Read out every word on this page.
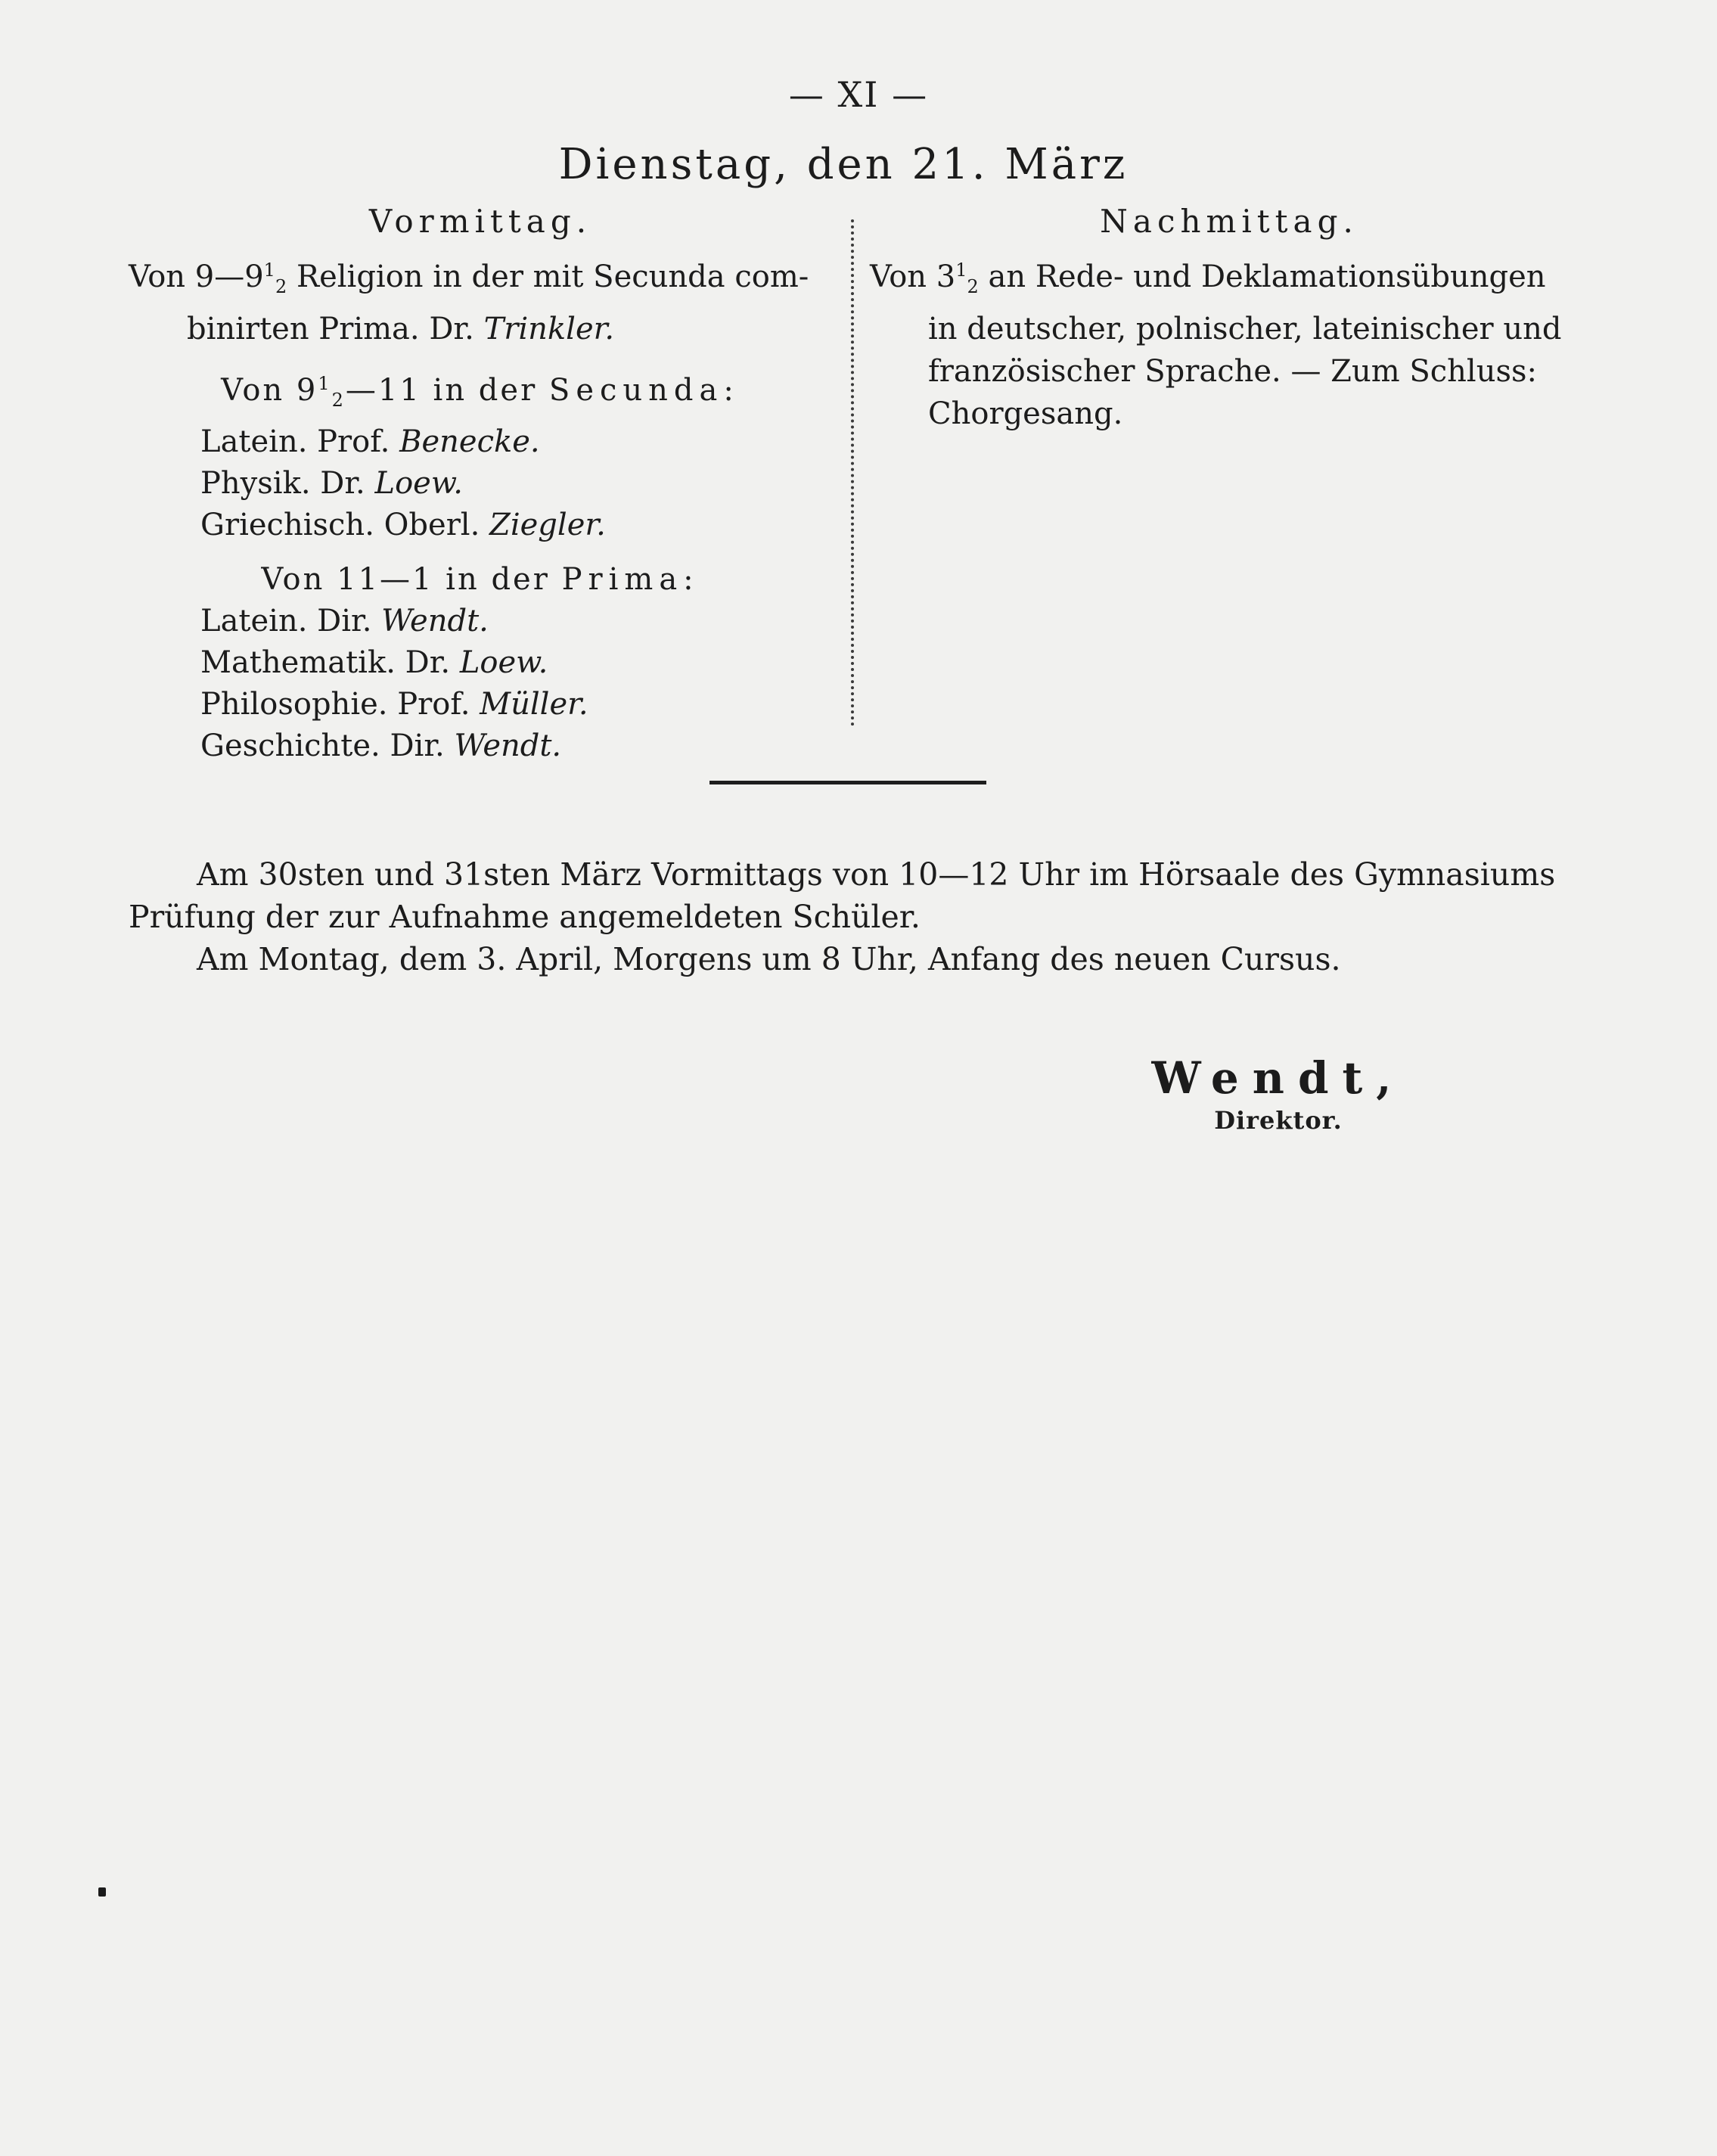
— XI —
Dienstag, den 21. März
Vormittag.
Von $9—9^1_2$ Religion in der mit Secunda com-
binirten Prima. Dr. Trinkler.
Von $9^1_2—11$ in der Secunda:
Latein. Prof. Benecke.
Physik. Dr. Loew.
Griechisch. Oberl. Ziegler.
Von 11—1 in der Prima:
Latein. Dir. Wendt.
Mathematik. Dr. Loew.
Philosophie. Prof. Müller.
Geschichte. Dir. Wendt.
Nachmittag.
Von $3^1_2$ an Rede- und Deklamationsübungen
in deutscher, polnischer, lateinischer und
französischer Sprache. — Zum Schluss:
Chorgesang.

Am 30sten und 31sten März Vormittags von 10—12 Uhr im Hörsaale des Gymnasiums

Prüfung der zur Aufnahme angemeldeten Schüler.

Am Montag, dem 3. April, Morgens um 8 Uhr, Anfang des neuen Cursus.

Wendt,
Direktor.
